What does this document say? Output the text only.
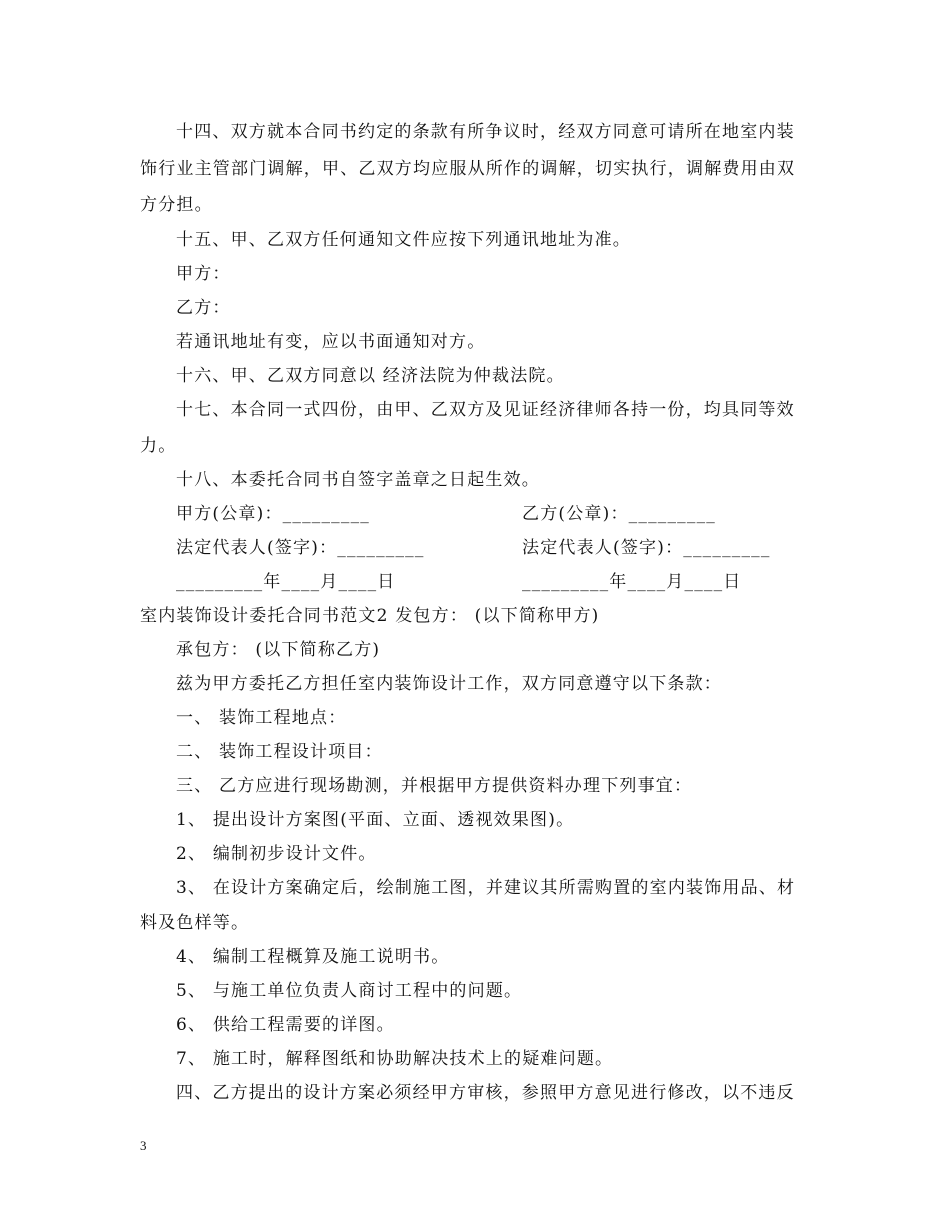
十四、双方就本合同书约定的条款有所争议时，经双方同意可请所在地室内装
饰行业主管部门调解，甲、乙双方均应服从所作的调解，切实执行，调解费用由双
方分担。
十五、甲、乙双方任何通知文件应按下列通讯地址为准。
甲方：
乙方：
若通讯地址有变，应以书面通知对方。
十六、甲、乙双方同意以 经济法院为仲裁法院。
十七、本合同一式四份，由甲、乙双方及见证经济律师各持一份，均具同等效
力。
十八、本委托合同书自签字盖章之日起生效。
甲方(公章)：_________	乙方(公章)：_________
法定代表人(签字)：_________	法定代表人(签字)：_________
_________年____月____日	_________年____月____日
室内装饰设计委托合同书范文2 发包方： (以下简称甲方)
承包方： (以下简称乙方)
兹为甲方委托乙方担任室内装饰设计工作，双方同意遵守以下条款：
一、 装饰工程地点：
二、 装饰工程设计项目：
三、 乙方应进行现场勘测，并根据甲方提供资料办理下列事宜：
1、 提出设计方案图(平面、立面、透视效果图)。
2、 编制初步设计文件。
3、 在设计方案确定后，绘制施工图，并建议其所需购置的室内装饰用品、材
料及色样等。
4、 编制工程概算及施工说明书。
5、 与施工单位负责人商讨工程中的问题。
6、 供给工程需要的详图。
7、 施工时，解释图纸和协助解决技术上的疑难问题。
四、乙方提出的设计方案必须经甲方审核，参照甲方意见进行修改，以不违反
3
